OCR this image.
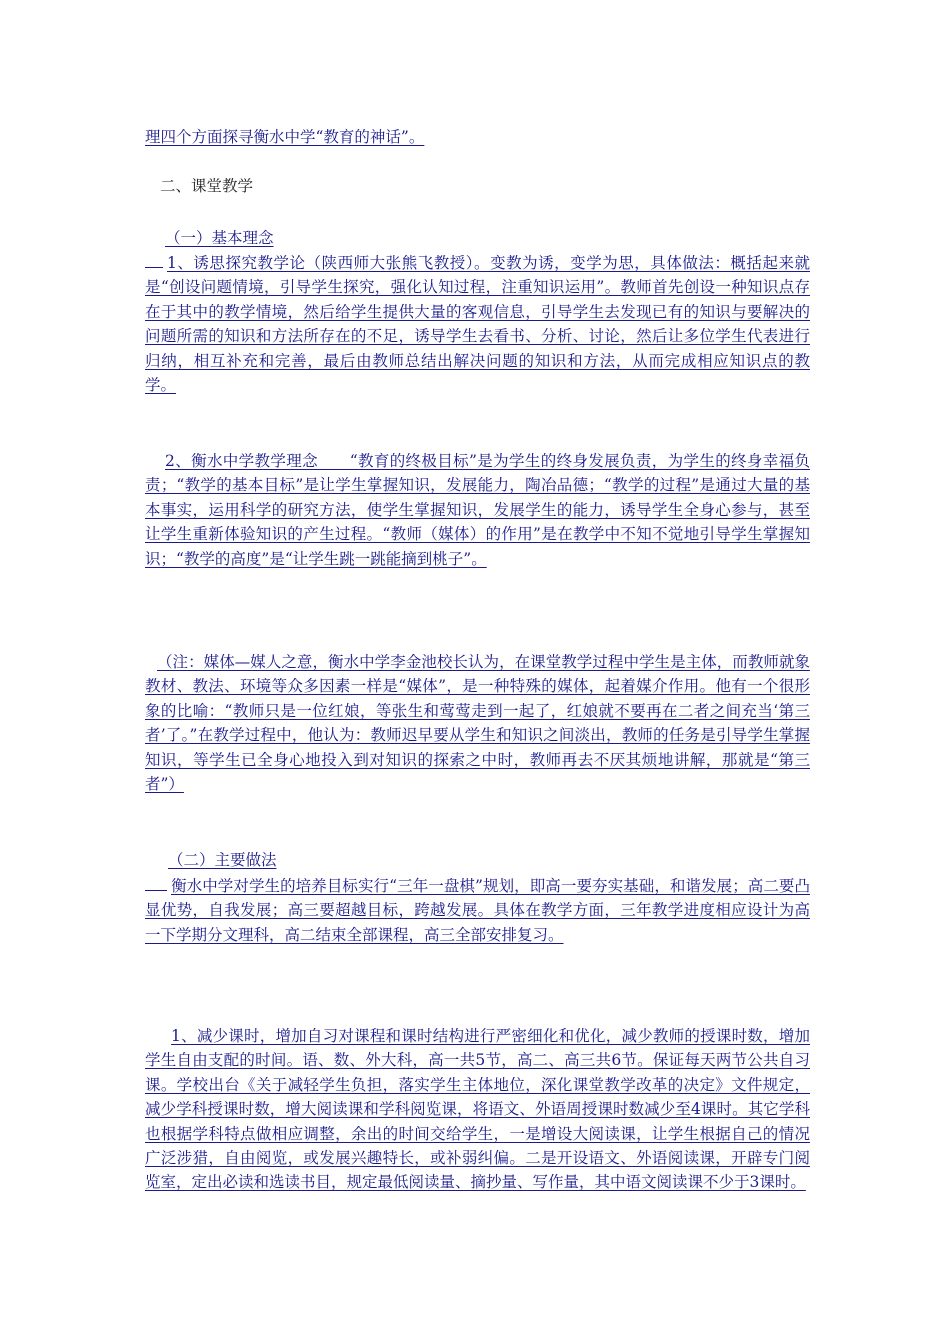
理四个方面探寻衡水中学“教育的神话”。
二、课堂教学
（一）基本理念
1、诱思探究教学论（陕西师大张熊飞教授）。变教为诱，变学为思，具体做法：概括起来就是“创设问题情境，引导学生探究，强化认知过程，注重知识运用”。教师首先创设一种知识点存在于其中的教学情境，然后给学生提供大量的客观信息，引导学生去发现已有的知识与要解决的问题所需的知识和方法所存在的不足，诱导学生去看书、分析、讨论，然后让多位学生代表进行归纳，相互补充和完善，最后由教师总结出解决问题的知识和方法，从而完成相应知识点的教学。
2、衡水中学教学理念　　“教育的终极目标”是为学生的终身发展负责，为学生的终身幸福负责；“教学的基本目标”是让学生掌握知识，发展能力，陶冶品德；“教学的过程”是通过大量的基本事实，运用科学的研究方法，使学生掌握知识，发展学生的能力，诱导学生全身心参与，甚至让学生重新体验知识的产生过程。“教师（媒体）的作用”是在教学中不知不觉地引导学生掌握知识；“教学的高度”是“让学生跳一跳能摘到桃子”。
（注：媒体—媒人之意，衡水中学李金池校长认为，在课堂教学过程中学生是主体，而教师就象教材、教法、环境等众多因素一样是“媒体”，是一种特殊的媒体，起着媒介作用。他有一个很形象的比喻：“教师只是一位红娘，等张生和莺莺走到一起了，红娘就不要再在二者之间充当‘第三者’了。”在教学过程中，他认为：教师迟早要从学生和知识之间淡出，教师的任务是引导学生掌握知识，等学生已全身心地投入到对知识的探索之中时，教师再去不厌其烦地讲解，那就是“第三者”）
（二）主要做法
衡水中学对学生的培养目标实行“三年一盘棋”规划，即高一要夯实基础，和谐发展；高二要凸显优势，自我发展；高三要超越目标，跨越发展。具体在教学方面，三年教学进度相应设计为高一下学期分文理科，高二结束全部课程，高三全部安排复习。
1、减少课时，增加自习对课程和课时结构进行严密细化和优化，减少教师的授课时数，增加学生自由支配的时间。语、数、外大科，高一共5节，高二、高三共6节。保证每天两节公共自习课。学校出台《关于减轻学生负担，落实学生主体地位，深化课堂教学改革的决定》文件规定，减少学科授课时数，增大阅读课和学科阅览课，将语文、外语周授课时数减少至4课时。其它学科也根据学科特点做相应调整，余出的时间交给学生，一是增设大阅读课，让学生根据自己的情况广泛涉猎，自由阅览，或发展兴趣特长，或补弱纠偏。二是开设语文、外语阅读课，开辟专门阅览室，定出必读和选读书目，规定最低阅读量、摘抄量、写作量，其中语文阅读课不少于3课时。
